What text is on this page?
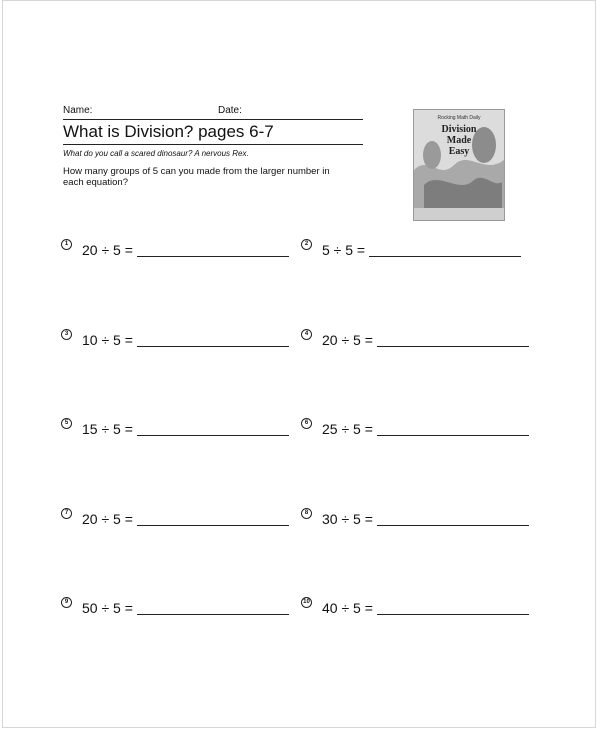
Name:	Date:
What is Division? pages 6-7
What do you call a scared dinosaur? A nervous Rex.
How many groups of 5 can you made from the larger number in each equation?
Rocking Math Daily
Division
Made
Easy
1 20 ÷ 5 =	2 5 ÷ 5 =
3 10 ÷ 5 =	4 20 ÷ 5 =
5 15 ÷ 5 =	6 25 ÷ 5 =
7 20 ÷ 5 =	8 30 ÷ 5 =
9 50 ÷ 5 =	10 40 ÷ 5 =
